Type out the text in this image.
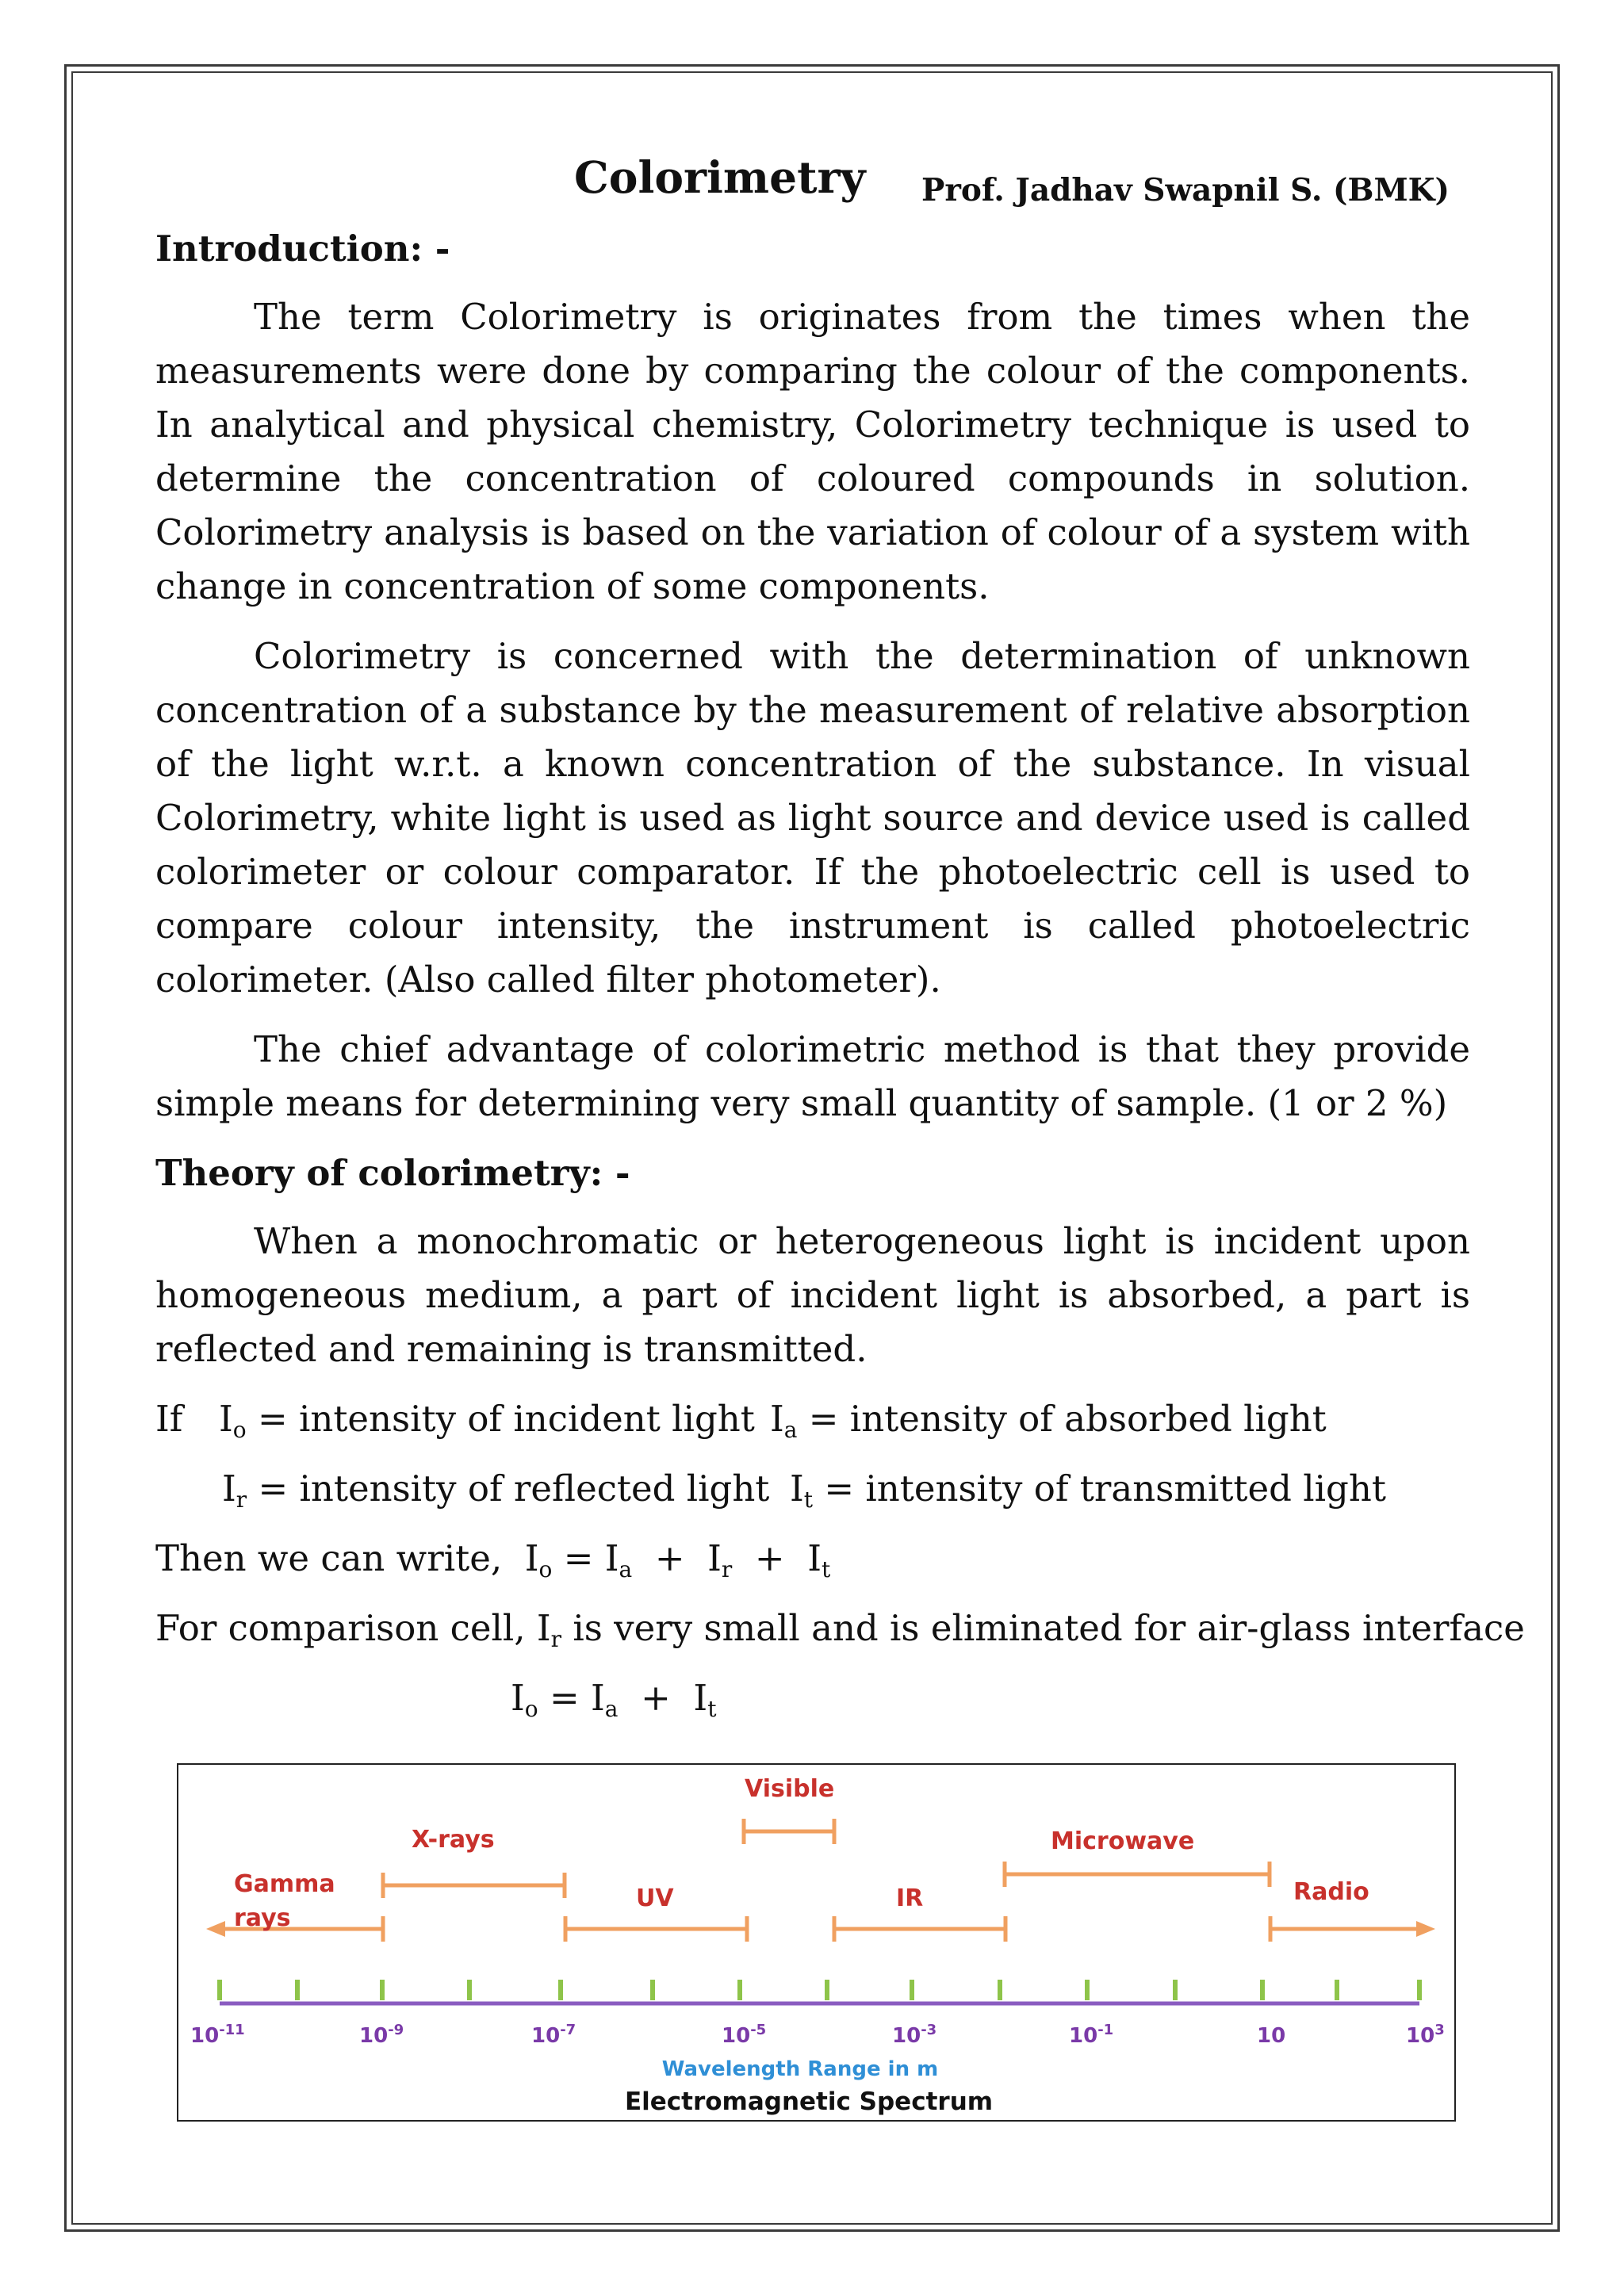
Colorimetry Prof. Jadhav Swapnil S. (BMK)
Introduction: -

The term Colorimetry is originates from the times when the measurements were done by comparing the colour of the components. In analytical and physical chemistry, Colorimetry technique is used to determine the concentration of coloured compounds in solution. Colorimetry analysis is based on the variation of colour of a system with change in concentration of some components.

Colorimetry is concerned with the determination of unknown concentration of a substance by the measurement of relative absorption of the light w.r.t. a known concentration of the substance. In visual Colorimetry, white light is used as light source and device used is called colorimeter or colour comparator. If the photoelectric cell is used to compare colour intensity, the instrument is called photoelectric colorimeter. (Also called filter photometer).

The chief advantage of colorimetric method is that they provide simple means for determining very small quantity of sample. (1 or 2 %)

Theory of colorimetry: -

When a monochromatic or heterogeneous light is incident upon homogeneous medium, a part of incident light is absorbed, a part is reflected and remaining is transmitted.

If $I_o$ = intensity of incident light $I_a$ = intensity of absorbed light
$I_r$ = intensity of reflected light $I_t$ = intensity of transmitted light
Then we can write, $I_o = I_a + I_r + I_t$
For comparison cell, $I_r$ is very small and is eliminated for air-glass interface
$I_o = I_a + I_t$
$10^{-11}$	$10^{-9}$	$10^{-7}$	$10^{-5}$	$10^{-3}$	$10^{-1}$	10	$10^3$
Visible
X-rays	Microwave
Gamma
rays
UV	IR	Radio
Wavelength Range in m
Electromagnetic Spectrum
